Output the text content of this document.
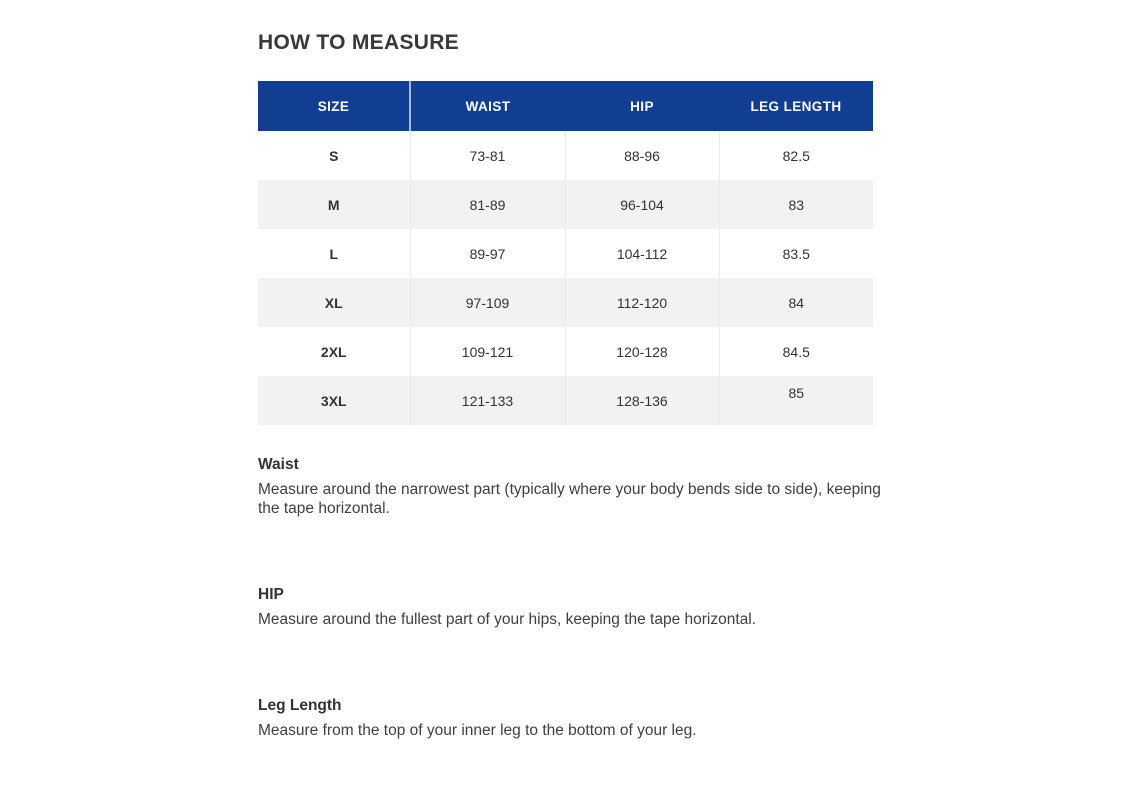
HOW TO MEASURE
SIZE	WAIST	HIP	LEG LENGTH
S	73-81	88-96	82.5
M	81-89	96-104	83
L	89-97	104-112	83.5
XL	97-109	112-120	84
2XL	109-121	120-128	84.5
3XL	121-133	128-136	85
Waist

Measure around the narrowest part (typically where your body bends side to side), keeping the tape horizontal.

HIP

Measure around the fullest part of your hips, keeping the tape horizontal.

Leg Length

Measure from the top of your inner leg to the bottom of your leg.
